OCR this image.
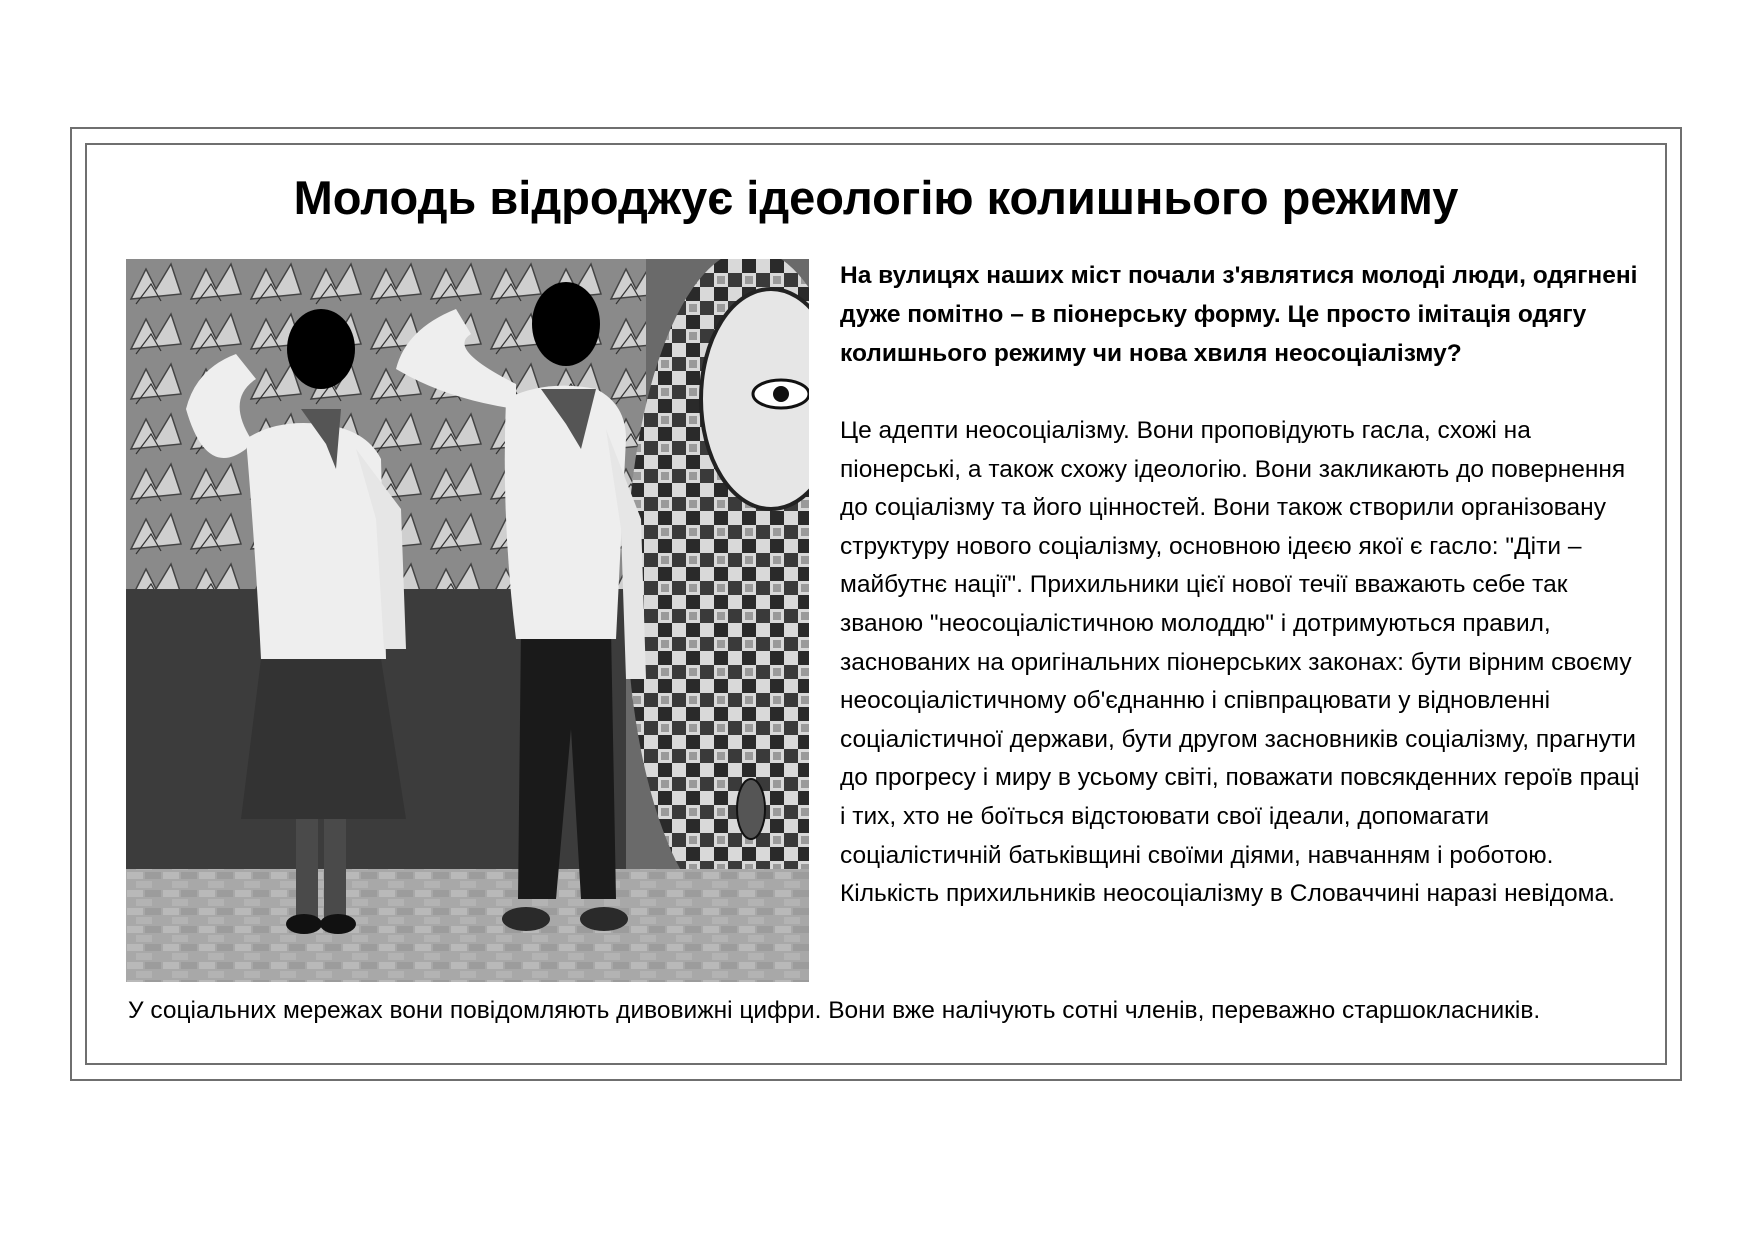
Молодь відроджує ідеологію колишнього режиму

На вулицях наших міст почали з'являтися молоді люди, одягнені дуже помітно – в піонерську форму. Це просто імітація одягу колишнього режиму чи нова хвиля неосоціалізму?

Це адепти неосоціалізму. Вони проповідують гасла, схожі на піонерські, а також схожу ідеологію. Вони закликають до повернення до соціалізму та його цінностей. Вони також створили організовану структуру нового соціалізму, основною ідеєю якої є гасло: "Діти – майбутнє нації". Прихильники цієї нової течії вважають себе так званою "неосоціалістичною молоддю" і дотримуються правил, заснованих на оригінальних піонерських законах: бути вірним своєму неосоціалістичному об'єднанню і співпрацювати у відновленні соціалістичної держави, бути другом засновників соціалізму, прагнути до прогресу і миру в усьому світі, поважати повсякденних героїв праці і тих, хто не боїться відстоювати свої ідеали, допомагати соціалістичній батьківщині своїми діями, навчанням і роботою. Кількість прихильників неосоціалізму в Словаччині наразі невідома.

У соціальних мережах вони повідомляють дивовижні цифри. Вони вже налічують сотні членів, переважно старшокласників.
